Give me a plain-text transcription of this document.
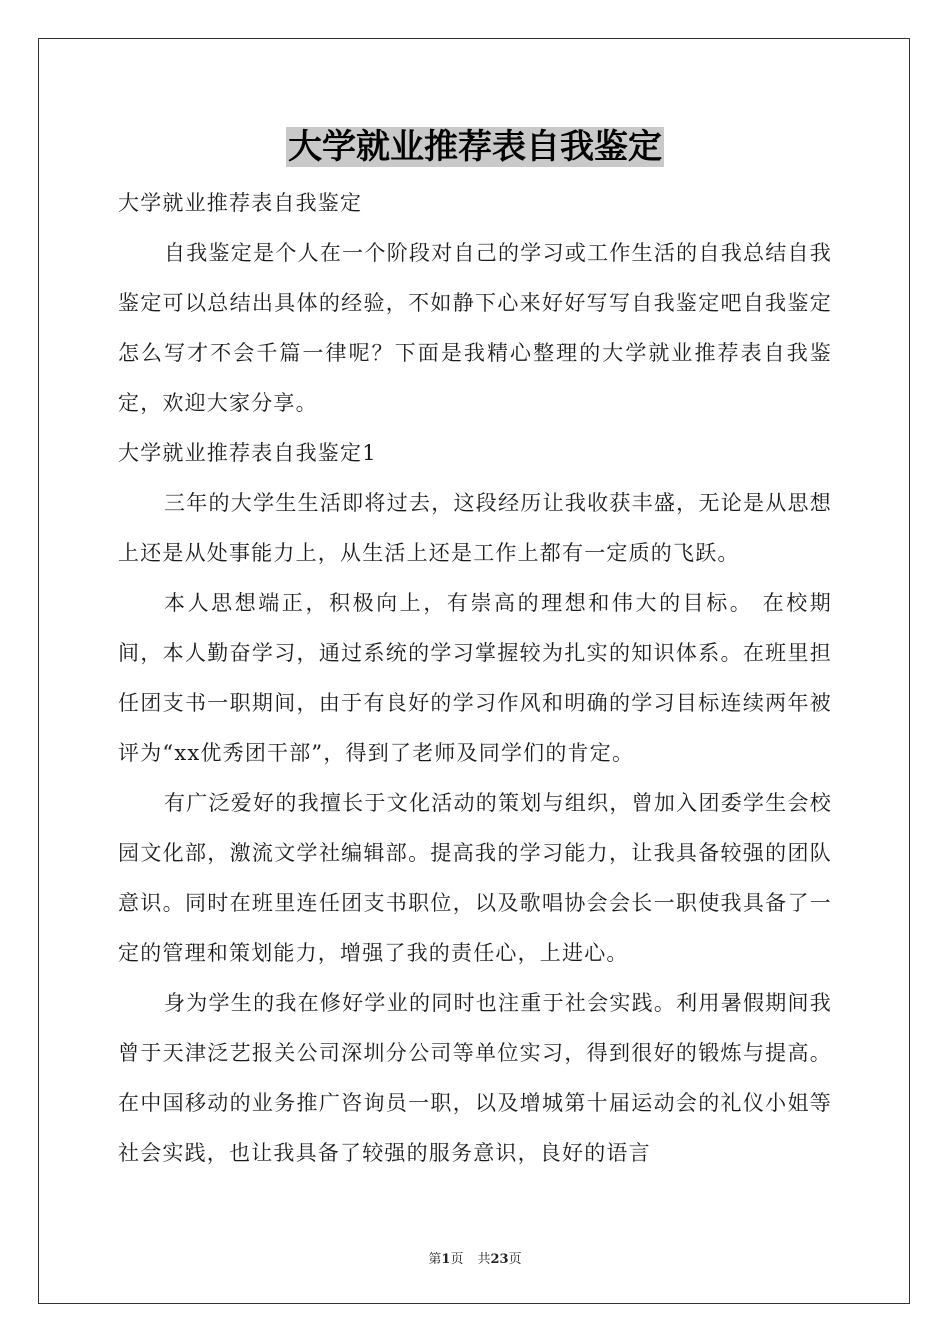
大学就业推荐表自我鉴定

大学就业推荐表自我鉴定

自我鉴定是个人在一个阶段对自己的学习或工作生活的自我总结自我鉴定可以总结出具体的经验，不如静下心来好好写写自我鉴定吧自我鉴定怎么写才不会千篇一律呢？下面是我精心整理的大学就业推荐表自我鉴定，欢迎大家分享。

大学就业推荐表自我鉴定1

三年的大学生生活即将过去，这段经历让我收获丰盛，无论是从思想上还是从处事能力上，从生活上还是工作上都有一定质的飞跃。

本人思想端正，积极向上，有崇高的理想和伟大的目标。 在校期间，本人勤奋学习，通过系统的学习掌握较为扎实的知识体系。在班里担任团支书一职期间，由于有良好的学习作风和明确的学习目标连续两年被评为“xx优秀团干部”，得到了老师及同学们的肯定。

有广泛爱好的我擅长于文化活动的策划与组织，曾加入团委学生会校园文化部，激流文学社编辑部。提高我的学习能力，让我具备较强的团队意识。同时在班里连任团支书职位，以及歌唱协会会长一职使我具备了一定的管理和策划能力，增强了我的责任心，上进心。

身为学生的我在修好学业的同时也注重于社会实践。利用暑假期间我曾于天津泛艺报关公司深圳分公司等单位实习，得到很好的锻炼与提高。在中国移动的业务推广咨询员一职，以及增城第十届运动会的礼仪小姐等社会实践，也让我具备了较强的服务意识，良好的语言

第1页 共23页
